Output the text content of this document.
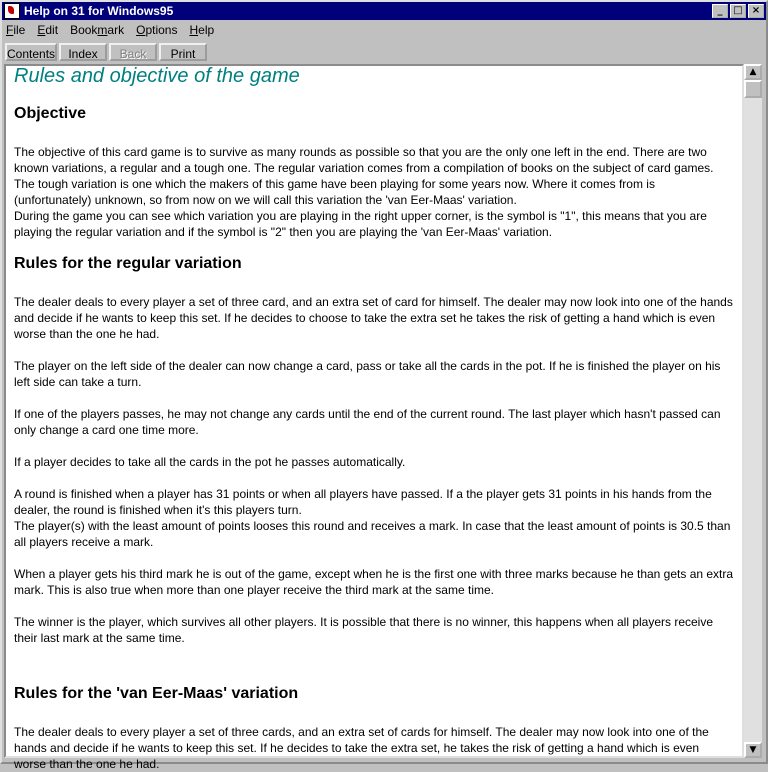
Help on 31 for Windows95	_	□ ×
Rules and objective of the game
Objective

The objective of this card game is to survive as many rounds as possible so that you are the only one left in the end. There are two known variations, a regular and a tough one. The regular variation comes from a compilation of books on the subject of card games. The tough variation is one which the makers of this game have been playing for some years now. Where it comes from is (unfortunately) unknown, so from now on we will call this variation the 'van Eer-Maas' variation.

During the game you can see which variation you are playing in the right upper corner, is the symbol is "1", this means that you are playing the regular variation and if the symbol is "2" then you are playing the 'van Eer-Maas' variation.

Rules for the regular variation

The dealer deals to every player a set of three card, and an extra set of card for himself. The dealer may now look into one of the hands and decide if he wants to keep this set. If he decides to choose to take the extra set he takes the risk of getting a hand which is even worse than the one he had.

The player on the left side of the dealer can now change a card, pass or take all the cards in the pot. If he is finished the player on his left side can take a turn.

If one of the players passes, he may not change any cards until the end of the current round. The last player which hasn't passed can only change a card one time more.

If a player decides to take all the cards in the pot he passes automatically.

A round is finished when a player has 31 points or when all players have passed. If a the player gets 31 points in his hands from the dealer, the round is finished when it's this players turn.

The player(s) with the least amount of points looses this round and receives a mark. In case that the least amount of points is 30.5 than all players receive a mark.

When a player gets his third mark he is out of the game, except when he is the first one with three marks because he than gets an extra mark. This is also true when more than one player receive the third mark at the same time.

The winner is the player, which survives all other players. It is possible that there is no winner, this happens when all players receive their last mark at the same time.

Rules for the 'van Eer-Maas' variation

The dealer deals to every player a set of three cards, and an extra set of cards for himself. The dealer may now look into one of the hands and decide if he wants to keep this set. If he decides to take the extra set, he takes the risk of getting a hand which is even worse than the one he had.

▲
▼
File Edit Bookmark Options Help
Contents	Index	Back	Print
